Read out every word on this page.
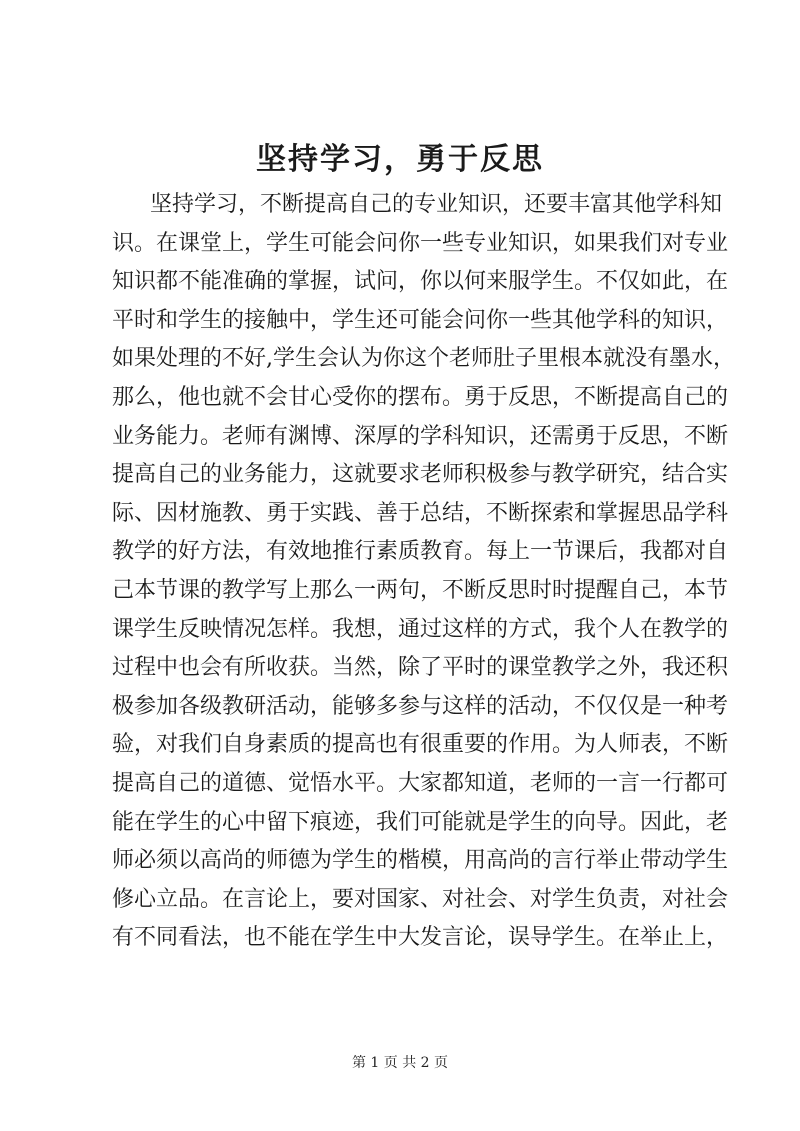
坚持学习，勇于反思
坚持学习，不断提高自己的专业知识，还要丰富其他学科知
识。在课堂上，学生可能会问你一些专业知识，如果我们对专业
知识都不能准确的掌握，试问，你以何来服学生。不仅如此，在
平时和学生的接触中，学生还可能会问你一些其他学科的知识，
如果处理的不好,学生会认为你这个老师肚子里根本就没有墨水，
那么，他也就不会甘心受你的摆布。勇于反思，不断提高自己的
业务能力。老师有渊博、深厚的学科知识，还需勇于反思，不断
提高自己的业务能力，这就要求老师积极参与教学研究，结合实
际、因材施教、勇于实践、善于总结，不断探索和掌握思品学科
教学的好方法，有效地推行素质教育。每上一节课后，我都对自
己本节课的教学写上那么一两句，不断反思时时提醒自己，本节
课学生反映情况怎样。我想，通过这样的方式，我个人在教学的
过程中也会有所收获。当然，除了平时的课堂教学之外，我还积
极参加各级教研活动，能够多参与这样的活动，不仅仅是一种考
验，对我们自身素质的提高也有很重要的作用。为人师表，不断
提高自己的道德、觉悟水平。大家都知道，老师的一言一行都可
能在学生的心中留下痕迹，我们可能就是学生的向导。因此，老
师必须以高尚的师德为学生的楷模，用高尚的言行举止带动学生
修心立品。在言论上，要对国家、对社会、对学生负责，对社会
有不同看法，也不能在学生中大发言论，误导学生。在举止上，
第 1 页 共 2 页
